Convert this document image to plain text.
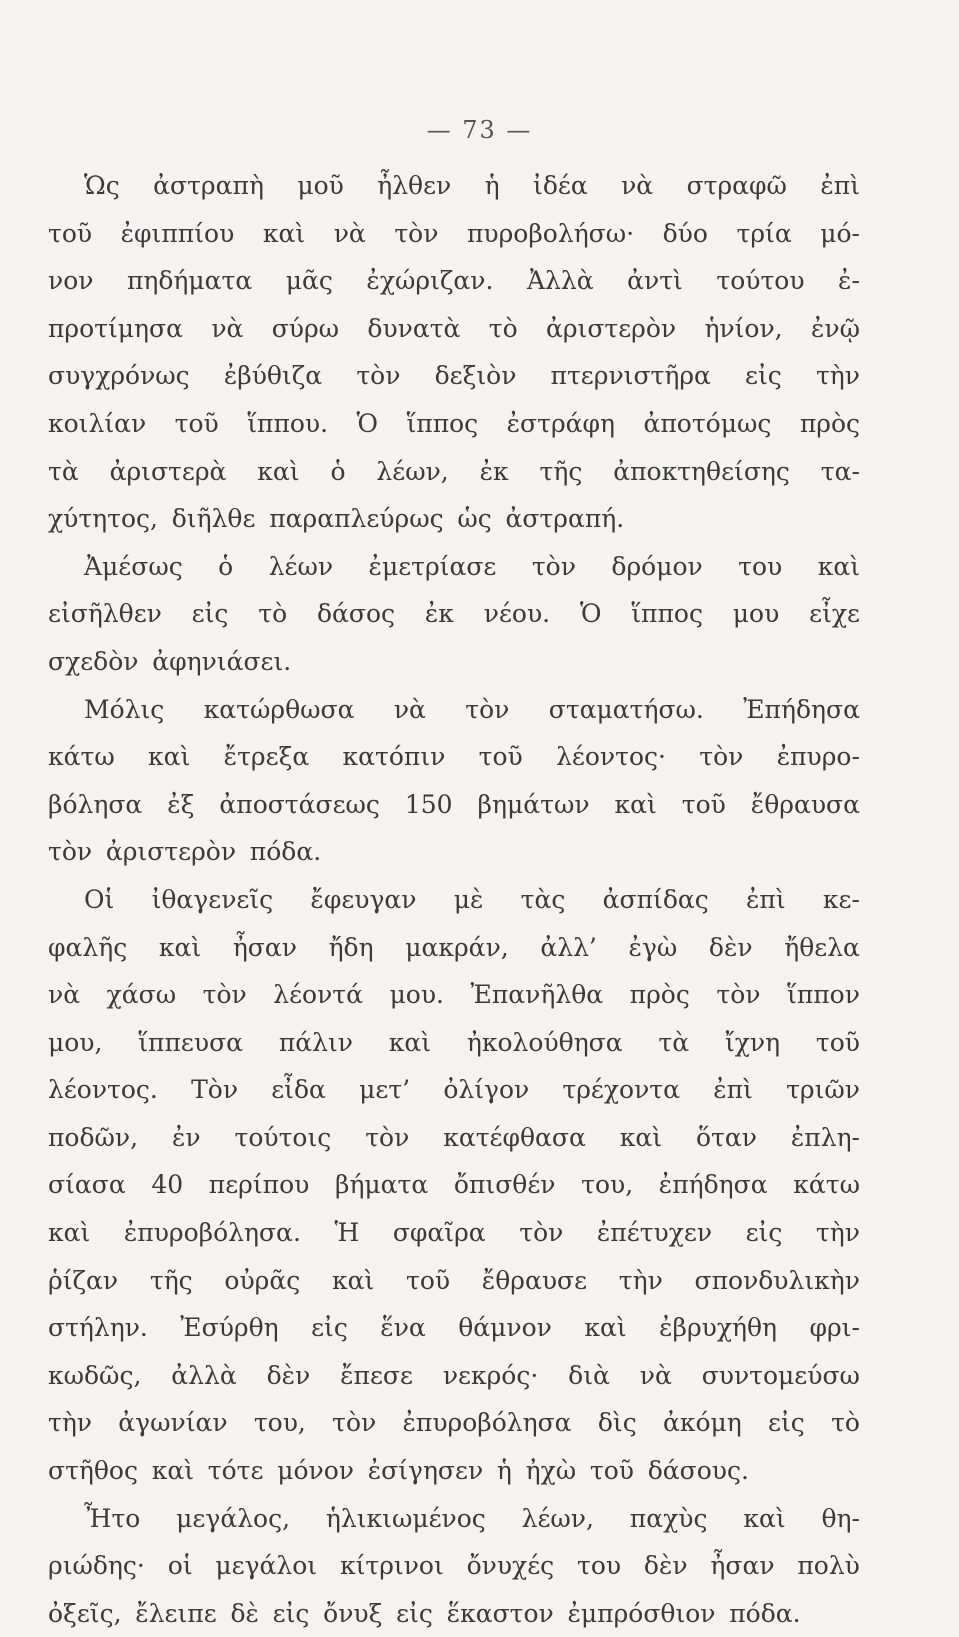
— 73 —
Ὡς ἀστραπὴ μοῦ ἦλθεν ἡ ἰδέα νὰ στραφῶ ἐπὶ
τοῦ ἐφιππίου καὶ νὰ τὸν πυροβολήσω· δύο τρία μό-
νον πηδήματα μᾶς ἐχώριζαν. Ἀλλὰ ἀντὶ τούτου ἐ-
προτίμησα νὰ σύρω δυνατὰ τὸ ἀριστερὸν ἡνίον, ἐνῷ
συγχρόνως ἐβύθιζα τὸν δεξιὸν πτερνιστῆρα εἰς τὴν
κοιλίαν τοῦ ἵππου. Ὁ ἵππος ἐστράφη ἀποτόμως πρὸς
τὰ ἀριστερὰ καὶ ὁ λέων, ἐκ τῆς ἀποκτηθείσης τα-
χύτητος, διῆλθε παραπλεύρως ὡς ἀστραπή.
Ἀμέσως ὁ λέων ἐμετρίασε τὸν δρόμον του καὶ
εἰσῆλθεν εἰς τὸ δάσος ἐκ νέου. Ὁ ἵππος μου εἶχε
σχεδὸν ἀφηνιάσει.
Μόλις κατώρθωσα νὰ τὸν σταματήσω. Ἐπήδησα
κάτω καὶ ἔτρεξα κατόπιν τοῦ λέοντος· τὸν ἐπυρο-
βόλησα ἐξ ἀποστάσεως 150 βημάτων καὶ τοῦ ἔθραυσα
τὸν ἀριστερὸν πόδα.
Οἱ ἰθαγενεῖς ἔφευγαν μὲ τὰς ἀσπίδας ἐπὶ κε-
φαλῆς καὶ ἦσαν ἤδη μακράν, ἀλλ’ ἐγὼ δὲν ἤθελα
νὰ χάσω τὸν λέοντά μου. Ἐπανῆλθα πρὸς τὸν ἵππον
μου, ἵππευσα πάλιν καὶ ἠκολούθησα τὰ ἴχνη τοῦ
λέοντος. Τὸν εἶδα μετ’ ὀλίγον τρέχοντα ἐπὶ τριῶν
ποδῶν, ἐν τούτοις τὸν κατέφθασα καὶ ὅταν ἐπλη-
σίασα 40 περίπου βήματα ὄπισθέν του, ἐπήδησα κάτω
καὶ ἐπυροβόλησα. Ἡ σφαῖρα τὸν ἐπέτυχεν εἰς τὴν
ῥίζαν τῆς οὐρᾶς καὶ τοῦ ἔθραυσε τὴν σπονδυλικὴν
στήλην. Ἐσύρθη εἰς ἕνα θάμνον καὶ ἐβρυχήθη φρι-
κωδῶς, ἀλλὰ δὲν ἔπεσε νεκρός· διὰ νὰ συντομεύσω
τὴν ἀγωνίαν του, τὸν ἐπυροβόλησα δὶς ἀκόμη εἰς τὸ
στῆθος καὶ τότε μόνον ἐσίγησεν ἡ ἠχὼ τοῦ δάσους.
Ἦτο μεγάλος, ἡλικιωμένος λέων, παχὺς καὶ θη-
ριώδης· οἱ μεγάλοι κίτρινοι ὄνυχές του δὲν ἦσαν πολὺ
ὀξεῖς, ἔλειπε δὲ εἰς ὄνυξ εἰς ἕκαστον ἐμπρόσθιον πόδα.
